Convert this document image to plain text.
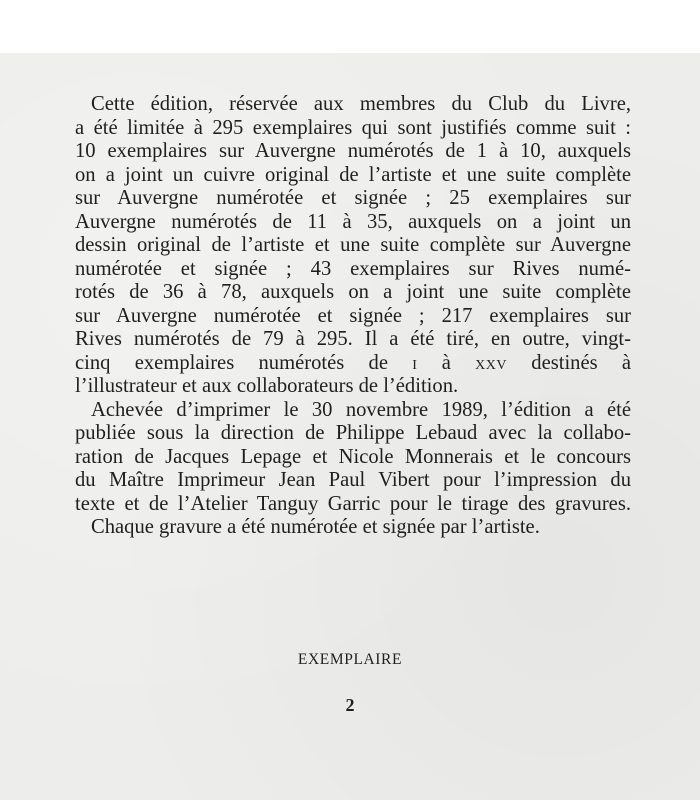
Cette édition, réservée aux membres du Club du Livre,
a été limitée à 295 exemplaires qui sont justifiés comme suit :
10 exemplaires sur Auvergne numérotés de 1 à 10, auxquels
on a joint un cuivre original de l’artiste et une suite complète
sur Auvergne numérotée et signée ; 25 exemplaires sur
Auvergne numérotés de 11 à 35, auxquels on a joint un
dessin original de l’artiste et une suite complète sur Auvergne
numérotée et signée ; 43 exemplaires sur Rives numé-
rotés de 36 à 78, auxquels on a joint une suite complète
sur Auvergne numérotée et signée ; 217 exemplaires sur
Rives numérotés de 79 à 295. Il a été tiré, en outre, vingt-
cinq exemplaires numérotés de i à xxv destinés à
l’illustrateur et aux collaborateurs de l’édition.
Achevée d’imprimer le 30 novembre 1989, l’édition a été
publiée sous la direction de Philippe Lebaud avec la collabo-
ration de Jacques Lepage et Nicole Monnerais et le concours
du Maître Imprimeur Jean Paul Vibert pour l’impression du
texte et de l’Atelier Tanguy Garric pour le tirage des gravures.
Chaque gravure a été numérotée et signée par l’artiste.
EXEMPLAIRE
2
